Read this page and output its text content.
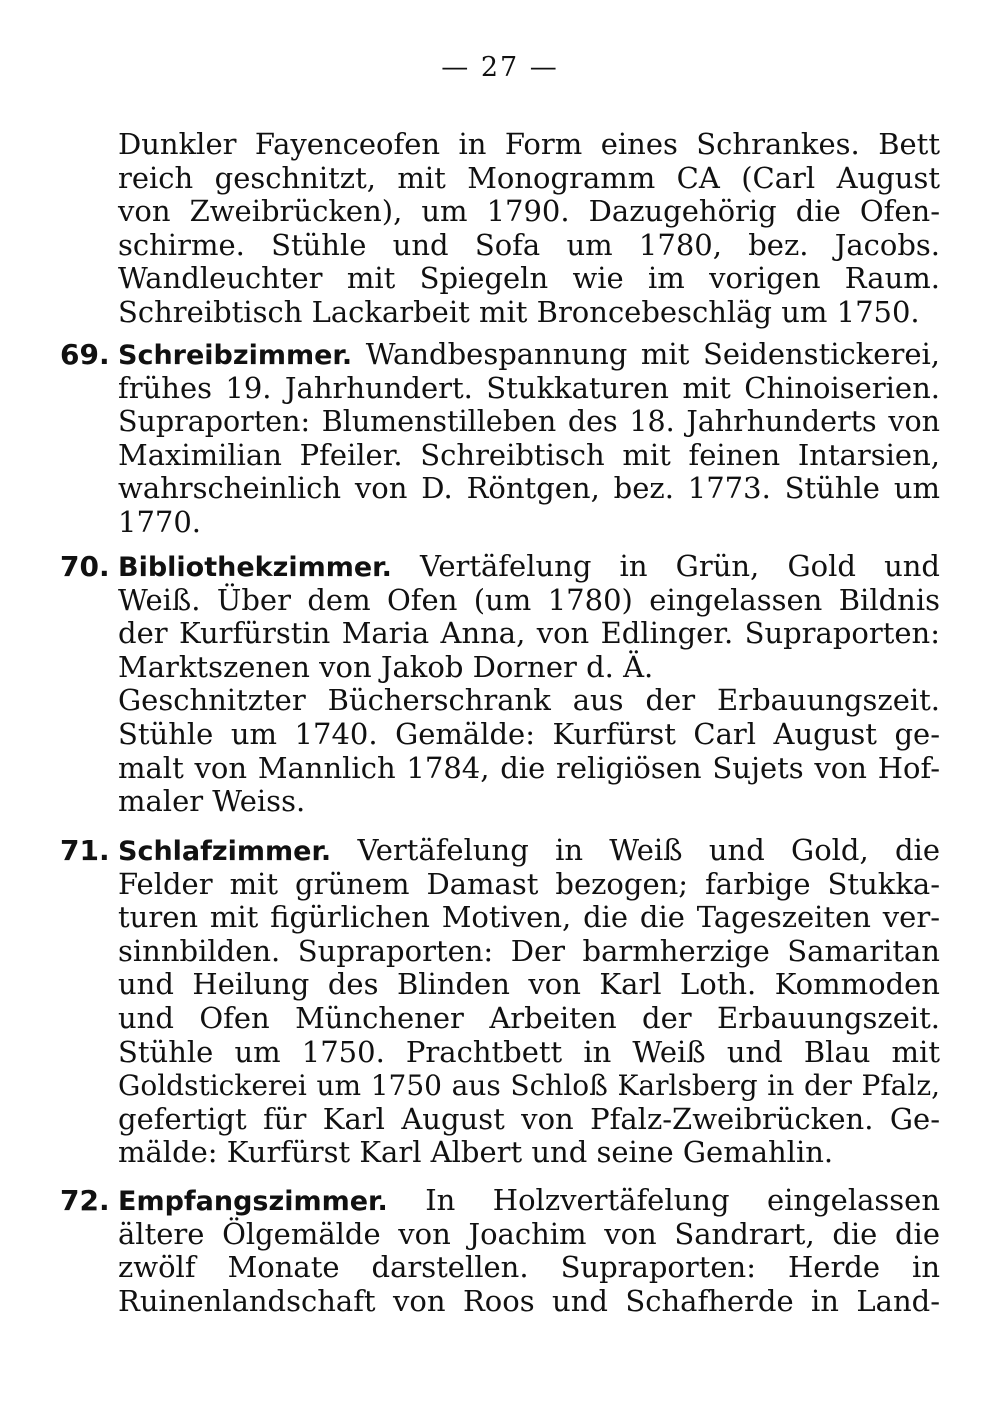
— 27 —
Dunkler Fayenceofen in Form eines Schrankes. Bett
reich geschnitzt, mit Monogramm CA (Carl August
von Zweibrücken), um 1790. Dazugehörig die Ofen-
schirme. Stühle und Sofa um 1780, bez. Jacobs.
Wandleuchter mit Spiegeln wie im vorigen Raum.
Schreibtisch Lackarbeit mit Broncebeschläg um 1750.
69. Schreibzimmer. Wandbespannung mit Seidenstickerei,
frühes 19. Jahrhundert. Stukkaturen mit Chinoiserien.
Supraporten: Blumenstilleben des 18. Jahrhunderts von
Maximilian Pfeiler. Schreibtisch mit feinen Intarsien,
wahrscheinlich von D. Röntgen, bez. 1773. Stühle um
1770.
70. Bibliothekzimmer. Vertäfelung in Grün, Gold und
Weiß. Über dem Ofen (um 1780) eingelassen Bildnis
der Kurfürstin Maria Anna, von Edlinger. Supraporten:
Marktszenen von Jakob Dorner d. Ä.
Geschnitzter Bücherschrank aus der Erbauungszeit.
Stühle um 1740. Gemälde: Kurfürst Carl August ge-
malt von Mannlich 1784, die religiösen Sujets von Hof-
maler Weiss.
71. Schlafzimmer. Vertäfelung in Weiß und Gold, die
Felder mit grünem Damast bezogen; farbige Stukka-
turen mit figürlichen Motiven, die die Tageszeiten ver-
sinnbilden. Supraporten: Der barmherzige Samaritan
und Heilung des Blinden von Karl Loth. Kommoden
und Ofen Münchener Arbeiten der Erbauungszeit.
Stühle um 1750. Prachtbett in Weiß und Blau mit
Goldstickerei um 1750 aus Schloß Karlsberg in der Pfalz,
gefertigt für Karl August von Pfalz-Zweibrücken. Ge-
mälde: Kurfürst Karl Albert und seine Gemahlin.
72. Empfangszimmer. In Holzvertäfelung eingelassen
ältere Ölgemälde von Joachim von Sandrart, die die
zwölf Monate darstellen. Supraporten: Herde in
Ruinenlandschaft von Roos und Schafherde in Land-
